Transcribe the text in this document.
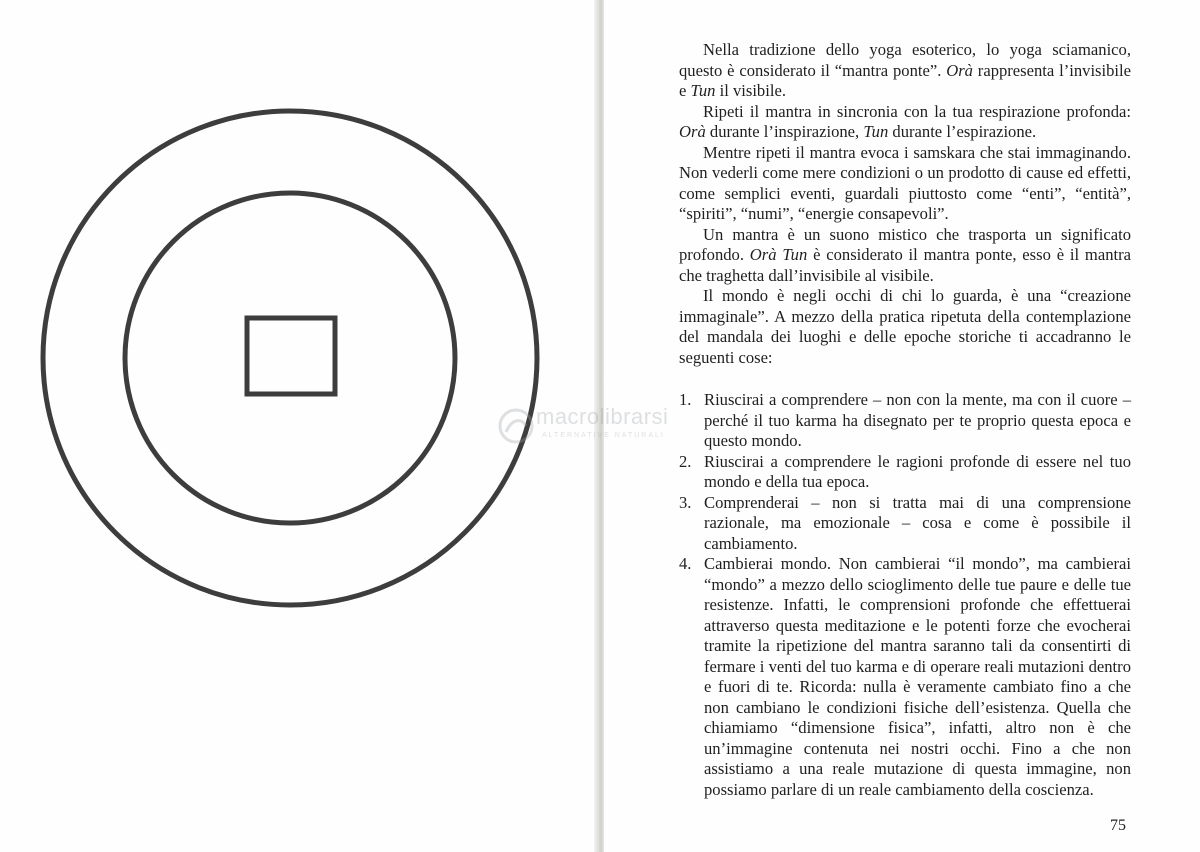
Nella tradizione dello yoga esoterico, lo yoga sciamanico, questo è considerato il “mantra ponte”. Orà rappresenta l’invisibile e Tun il visibile.

Ripeti il mantra in sincronia con la tua respirazione profonda: Orà durante l’inspirazione, Tun durante l’espirazione.

Mentre ripeti il mantra evoca i samskara che stai immaginando. Non vederli come mere condizioni o un prodotto di cause ed effetti, come semplici eventi, guardali piuttosto come “enti”, “entità”, “spiriti”, “numi”, “energie consapevoli”.

Un mantra è un suono mistico che trasporta un significato profondo. Orà Tun è considerato il mantra ponte, esso è il mantra che traghetta dall’invisibile al visibile.

Il mondo è negli occhi di chi lo guarda, è una “creazione immaginale”. A mezzo della pratica ripetuta della contemplazione del mandala dei luoghi e delle epoche storiche ti accadranno le seguenti cose:

1. Riuscirai a comprendere – non con la mente, ma con il cuore – perché il tuo karma ha disegnato per te proprio questa epoca e questo mondo.
2. Riuscirai a comprendere le ragioni profonde di essere nel tuo mondo e della tua epoca.
3. Comprenderai – non si tratta mai di una comprensione razionale, ma emozionale – cosa e come è possibile il cambiamento.
4. Cambierai mondo. Non cambierai “il mondo”, ma cambierai “mondo” a mezzo dello scioglimento delle tue paure e delle tue resistenze. Infatti, le comprensioni profonde che effettuerai attraverso questa meditazione e le potenti forze che evocherai tramite la ripetizione del mantra saranno tali da consentirti di fermare i venti del tuo karma e di operare reali mutazioni dentro e fuori di te. Ricorda: nulla è veramente cambiato fino a che non cambiano le condizioni fisiche dell’esistenza. Quella che chiamiamo “dimensione fisica”, infatti, altro non è che un’immagine contenuta nei nostri occhi. Fino a che non assistiamo a una reale mutazione di questa immagine, non possiamo parlare di un reale cambiamento della coscienza.
75
macrolibrarsi
ALTERNATIVE NATURALI
